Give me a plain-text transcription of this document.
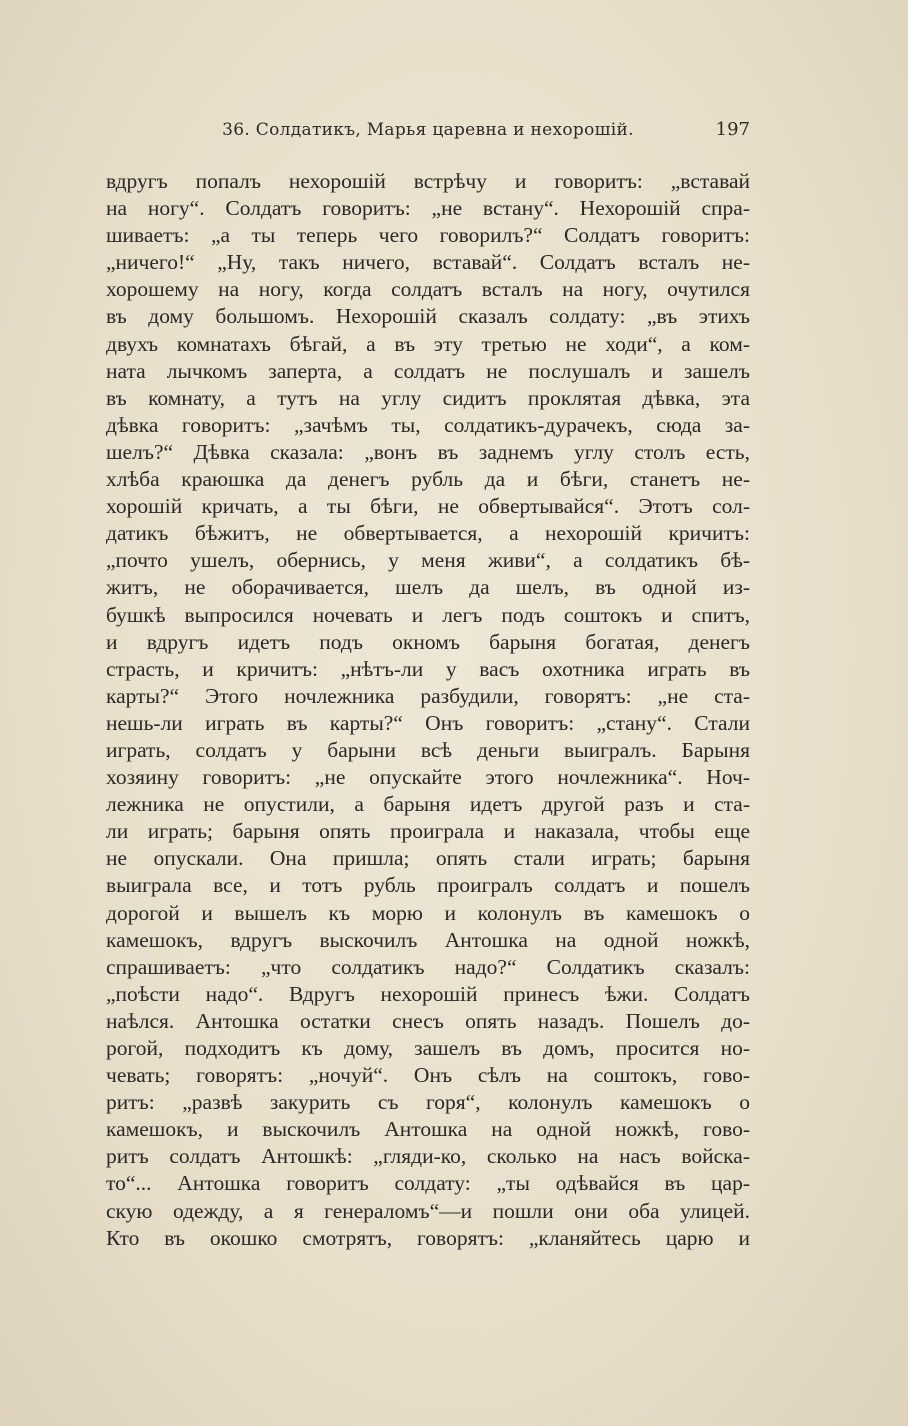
36. Солдатикъ, Марья царевна и нехорошій.	197
вдругъ попалъ нехорошій встрѣчу и говоритъ: „вставай
на ногу“. Солдатъ говоритъ: „не встану“. Нехорошій спра-
шиваетъ: „а ты теперь чего говорилъ?“ Солдатъ говоритъ:
„ничего!“ „Ну, такъ ничего, вставай“. Солдатъ всталъ не-
хорошему на ногу, когда солдатъ всталъ на ногу, очутился
въ дому большомъ. Нехорошій сказалъ солдату: „въ этихъ
двухъ комнатахъ бѣгай, а въ эту третью не ходи“, а ком-
ната лычкомъ заперта, а солдатъ не послушалъ и зашелъ
въ комнату, а тутъ на углу сидитъ проклятая дѣвка, эта
дѣвка говоритъ: „зачѣмъ ты, солдатикъ-дурачекъ, сюда за-
шелъ?“ Дѣвка сказала: „вонъ въ заднемъ углу столъ есть,
хлѣба краюшка да денегъ рубль да и бѣги, станетъ не-
хорошій кричать, а ты бѣги, не обвертывайся“. Этотъ сол-
датикъ бѣжитъ, не обвертывается, а нехорошій кричитъ:
„почто ушелъ, обернись, у меня живи“, а солдатикъ бѣ-
житъ, не оборачивается, шелъ да шелъ, въ одной из-
бушкѣ выпросился ночевать и легъ подъ соштокъ и спитъ,
и вдругъ идетъ подъ окномъ барыня богатая, денегъ
страсть, и кричитъ: „нѣтъ-ли у васъ охотника играть въ
карты?“ Этого ночлежника разбудили, говорятъ: „не ста-
нешь-ли играть въ карты?“ Онъ говоритъ: „стану“. Стали
играть, солдатъ у барыни всѣ деньги выигралъ. Барыня
хозяину говоритъ: „не опускайте этого ночлежника“. Ноч-
лежника не опустили, а барыня идетъ другой разъ и ста-
ли играть; барыня опять проиграла и наказала, чтобы еще
не опускали. Она пришла; опять стали играть; барыня
выиграла все, и тотъ рубль проигралъ солдатъ и пошелъ
дорогой и вышелъ къ морю и колонулъ въ камешокъ о
камешокъ, вдругъ выскочилъ Антошка на одной ножкѣ,
спрашиваетъ: „что солдатикъ надо?“ Солдатикъ сказалъ:
„поѣсти надо“. Вдругъ нехорошій принесъ ѣжи. Солдатъ
наѣлся. Антошка остатки снесъ опять назадъ. Пошелъ до-
рогой, подходитъ къ дому, зашелъ въ домъ, просится но-
чевать; говорятъ: „ночуй“. Онъ сѣлъ на соштокъ, гово-
ритъ: „развѣ закурить съ горя“, колонулъ камешокъ о
камешокъ, и выскочилъ Антошка на одной ножкѣ, гово-
ритъ солдатъ Антошкѣ: „гляди-ко, сколько на насъ войска-
то“... Антошка говоритъ солдату: „ты одѣвайся въ цар-
скую одежду, а я генераломъ“—и пошли они оба улицей.
Кто въ окошко смотрятъ, говорятъ: „кланяйтесь царю и
